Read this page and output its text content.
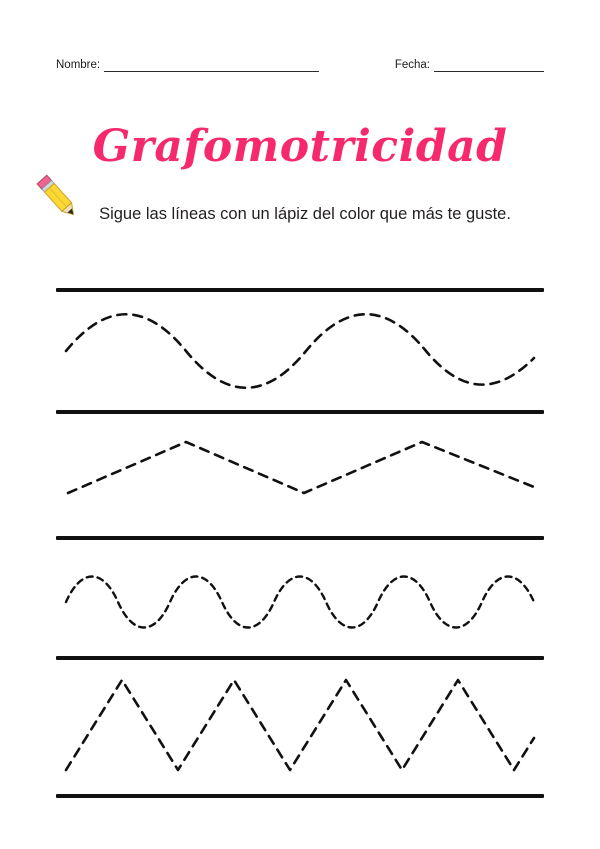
Nombre:	Fecha:
Grafomotricidad
Sigue las líneas con un lápiz del color que más te guste.
